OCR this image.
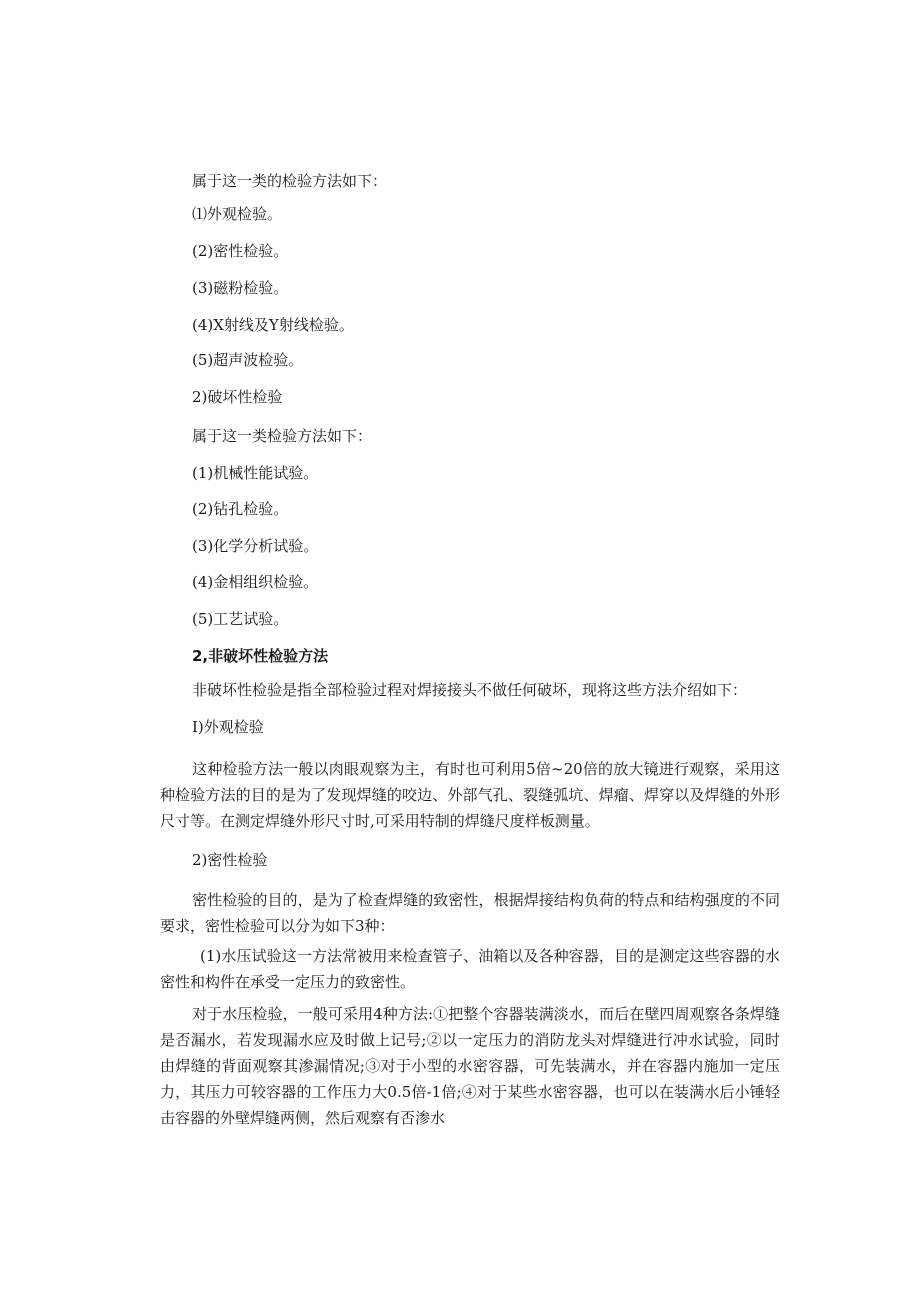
属于这一类的检验方法如下：
⑴外观检验。
(2)密性检验。
(3)磁粉检验。
(4)X射线及Y射线检验。
(5)超声波检验。
2)破坏性检验
属于这一类检验方法如下：
(1)机械性能试验。
(2)钻孔检验。
(3)化学分析试验。
(4)金相组织检验。
(5)工艺试验。
2,非破坏性检验方法
非破坏性检验是指全部检验过程对焊接接头不做任何破坏，现将这些方法介绍如下：
I)外观检验
这种检验方法一般以肉眼观察为主，有时也可利用5倍~20倍的放大镜进行观察，采用这种检验方法的目的是为了发现焊缝的咬边、外部气孔、裂缝弧坑、焊瘤、焊穿以及焊缝的外形尺寸等。在测定焊缝外形尺寸时,可采用特制的焊缝尺度样板测量。
2)密性检验
密性检验的目的，是为了检查焊缝的致密性，根据焊接结构负荷的特点和结构强度的不同要求，密性检验可以分为如下3种：
(1)水压试验这一方法常被用来检查管子、油箱以及各种容器，目的是测定这些容器的水密性和构件在承受一定压力的致密性。
对于水压检验，一般可采用4种方法:①把整个容器装满淡水，而后在壁四周观察各条焊缝是否漏水，若发现漏水应及时做上记号;②以一定压力的消防龙头对焊缝进行冲水试验，同时由焊缝的背面观察其渗漏情况;③对于小型的水密容器，可先装满水，并在容器内施加一定压力，其压力可较容器的工作压力大0.5倍-1倍;④对于某些水密容器，也可以在装满水后小锤轻击容器的外壁焊缝两侧，然后观察有否渗水
